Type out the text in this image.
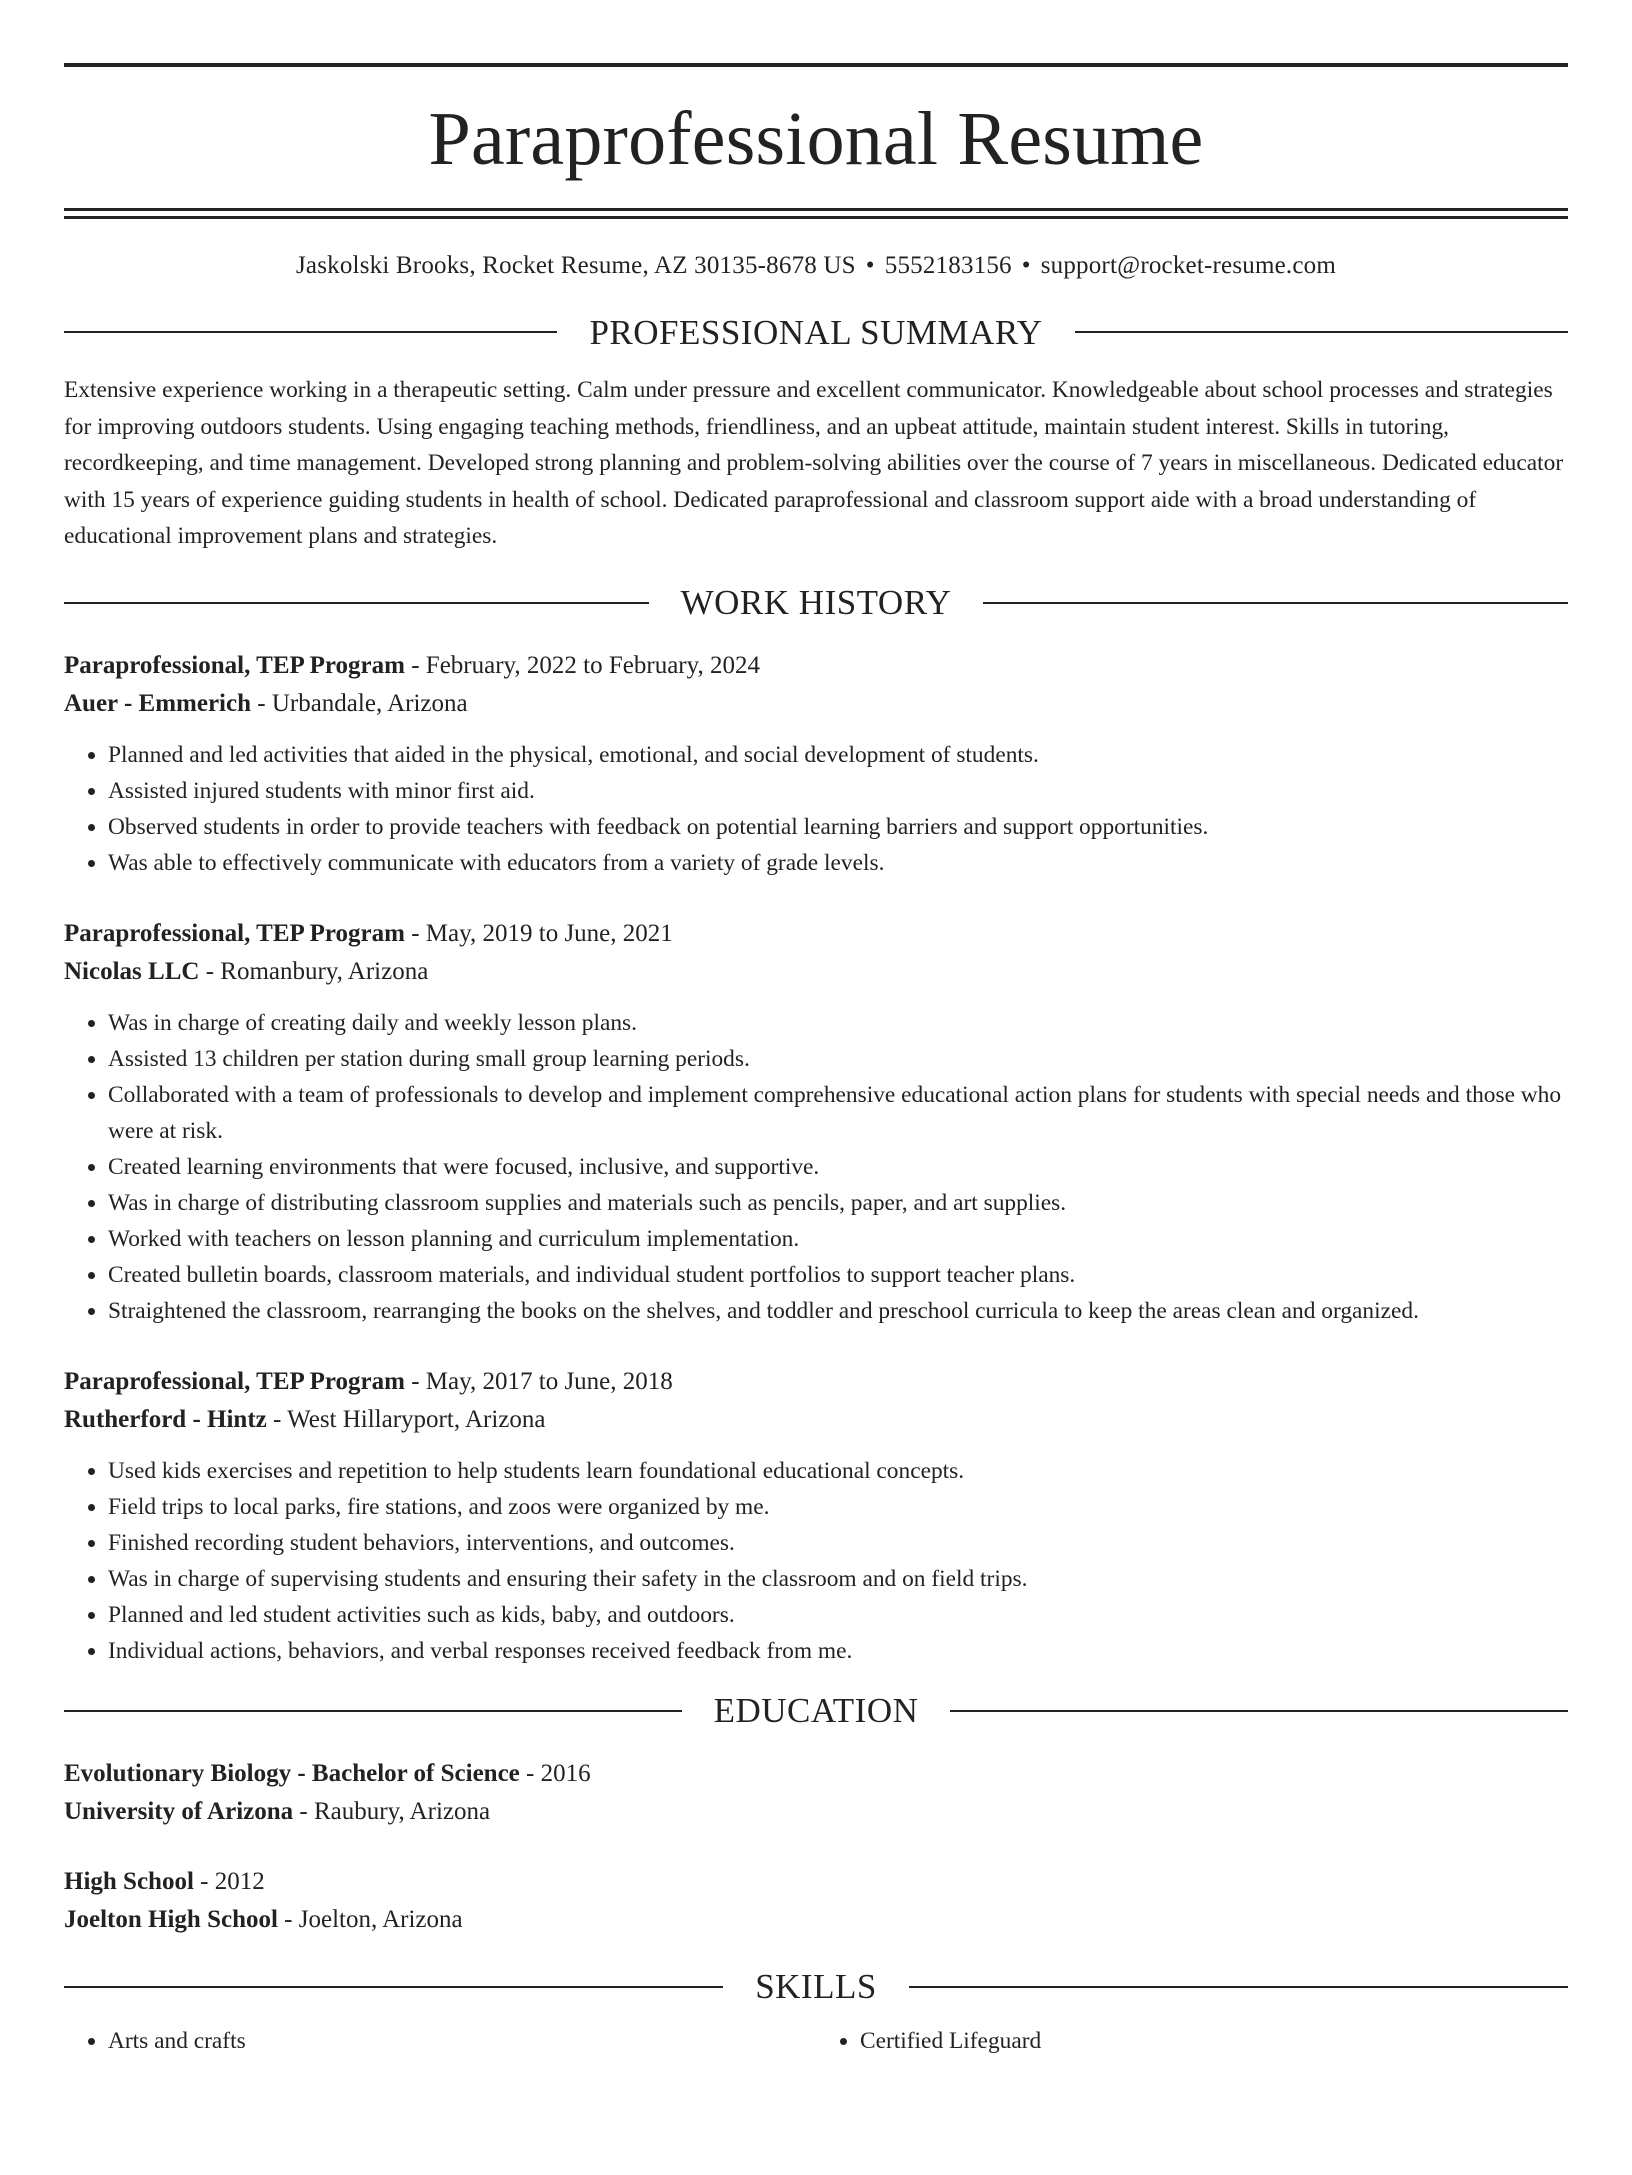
Paraprofessional Resume
Jaskolski Brooks, Rocket Resume, AZ 30135-8678 US • 5552183156 • support@rocket-resume.com
PROFESSIONAL SUMMARY
Extensive experience working in a therapeutic setting. Calm under pressure and excellent communicator. Knowledgeable about school processes and strategies for improving outdoors students. Using engaging teaching methods, friendliness, and an upbeat attitude, maintain student interest. Skills in tutoring, recordkeeping, and time management. Developed strong planning and problem-solving abilities over the course of 7 years in miscellaneous. Dedicated educator with 15 years of experience guiding students in health of school. Dedicated paraprofessional and classroom support aide with a broad understanding of educational improvement plans and strategies.
WORK HISTORY
Paraprofessional, TEP Program - February, 2022 to February, 2024
Auer - Emmerich - Urbandale, Arizona
• Planned and led activities that aided in the physical, emotional, and social development of students.
• Assisted injured students with minor first aid.
• Observed students in order to provide teachers with feedback on potential learning barriers and support opportunities.
• Was able to effectively communicate with educators from a variety of grade levels.
Paraprofessional, TEP Program - May, 2019 to June, 2021
Nicolas LLC - Romanbury, Arizona
• Was in charge of creating daily and weekly lesson plans.
• Assisted 13 children per station during small group learning periods.
• Collaborated with a team of professionals to develop and implement comprehensive educational action plans for students with special needs and those who were at risk.
• Created learning environments that were focused, inclusive, and supportive.
• Was in charge of distributing classroom supplies and materials such as pencils, paper, and art supplies.
• Worked with teachers on lesson planning and curriculum implementation.
• Created bulletin boards, classroom materials, and individual student portfolios to support teacher plans.
• Straightened the classroom, rearranging the books on the shelves, and toddler and preschool curricula to keep the areas clean and organized.
Paraprofessional, TEP Program - May, 2017 to June, 2018
Rutherford - Hintz - West Hillaryport, Arizona
• Used kids exercises and repetition to help students learn foundational educational concepts.
• Field trips to local parks, fire stations, and zoos were organized by me.
• Finished recording student behaviors, interventions, and outcomes.
• Was in charge of supervising students and ensuring their safety in the classroom and on field trips.
• Planned and led student activities such as kids, baby, and outdoors.
• Individual actions, behaviors, and verbal responses received feedback from me.
EDUCATION
Evolutionary Biology - Bachelor of Science - 2016
University of Arizona - Raubury, Arizona
High School - 2012
Joelton High School - Joelton, Arizona
SKILLS
• Arts and crafts
•	Certified Lifeguard
